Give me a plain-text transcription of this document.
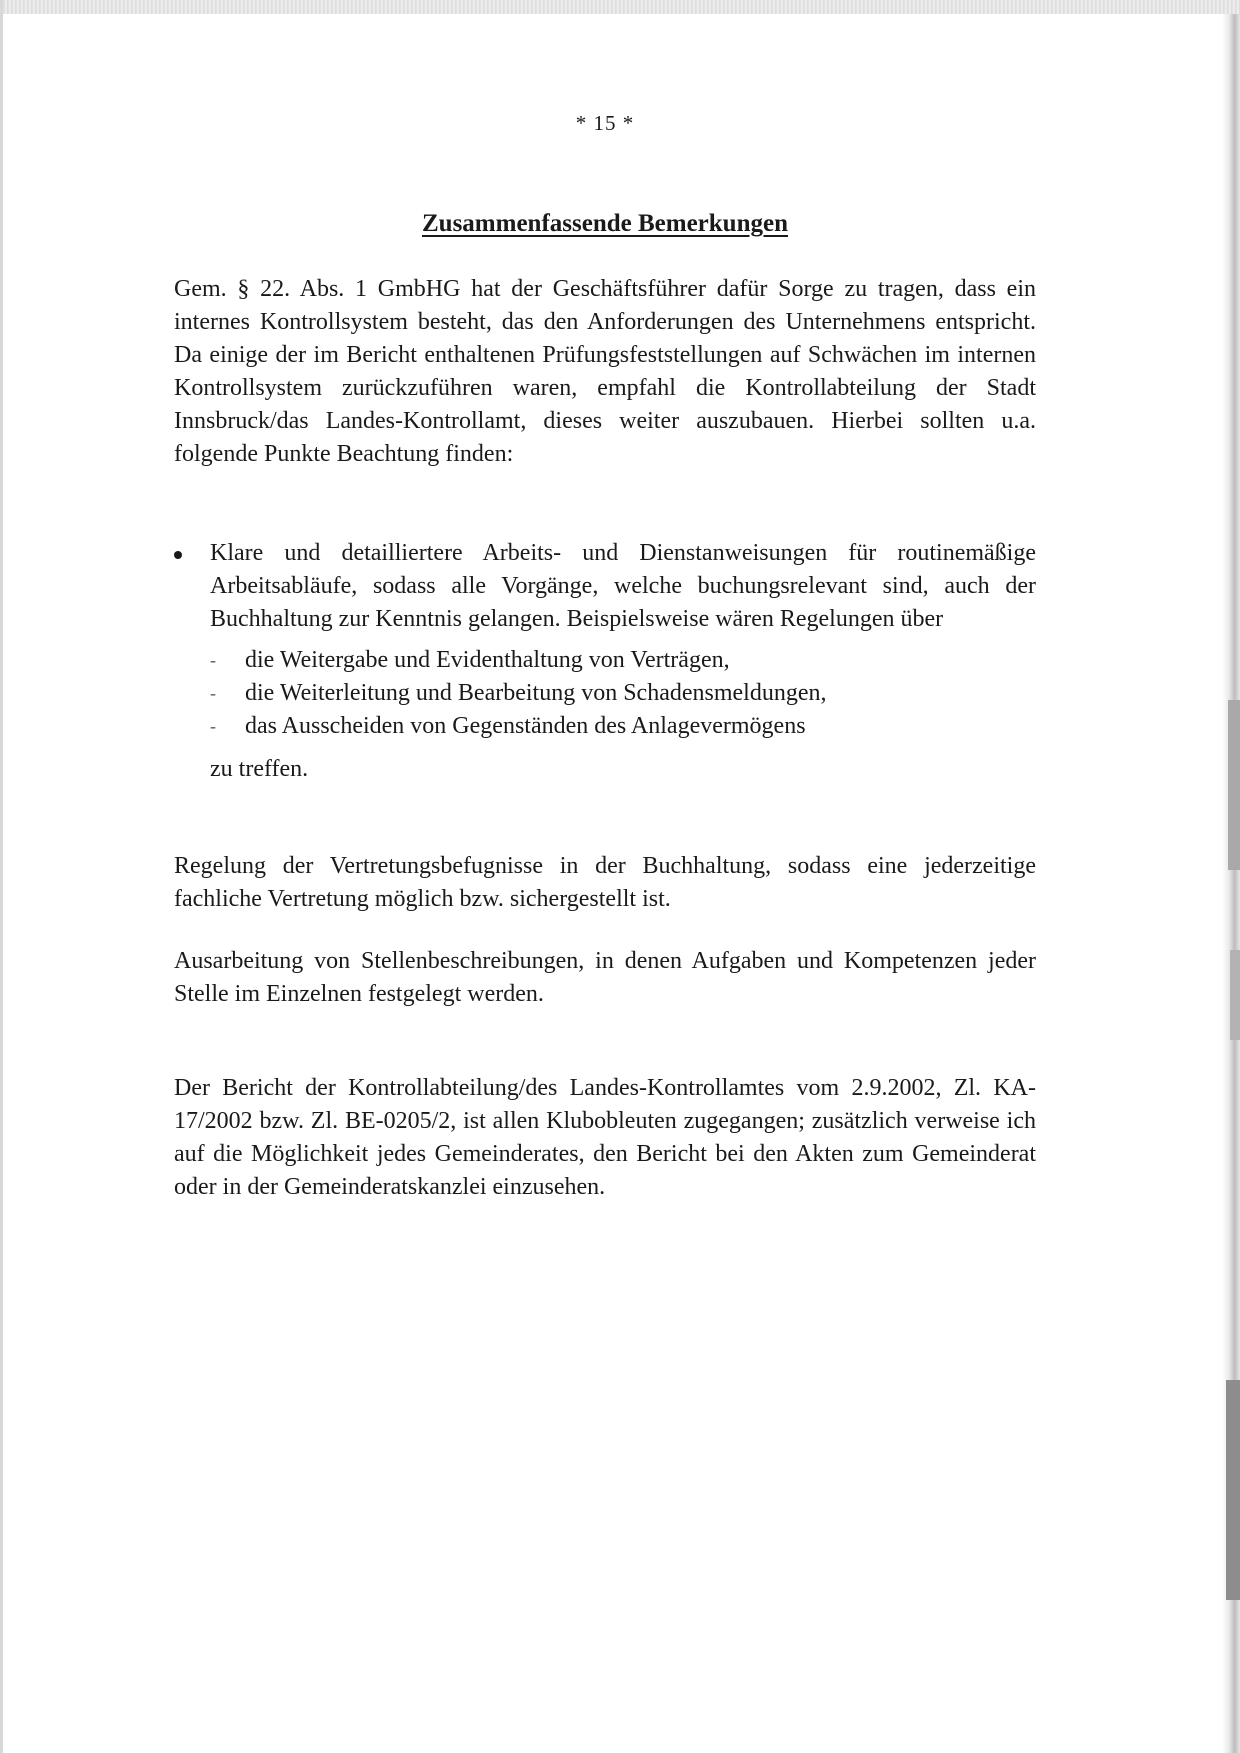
* 15 *
Zusammenfassende Bemerkungen

Gem. § 22. Abs. 1 GmbHG hat der Geschäftsführer dafür Sorge zu tragen, dass ein internes Kontrollsystem besteht, das den Anforderungen des Unternehmens entspricht. Da einige der im Bericht enthaltenen Prüfungsfeststellungen auf Schwächen im internen Kontrollsystem zurückzuführen waren, empfahl die Kontrollabteilung der Stadt Innsbruck/das Landes-Kontrollamt, dieses weiter auszubauen. Hierbei sollten u.a. folgende Punkte Beachtung finden:

Klare und detailliertere Arbeits- und Dienstanweisungen für routinemäßige Arbeitsabläufe, sodass alle Vorgänge, welche buchungsrelevant sind, auch der Buchhaltung zur Kenntnis gelangen. Beispielsweise wären Regelungen über
- die Weitergabe und Evidenthaltung von Verträgen,
- die Weiterleitung und Bearbeitung von Schadensmeldungen,
- das Ausscheiden von Gegenständen des Anlagevermögens
zu treffen.

Regelung der Vertretungsbefugnisse in der Buchhaltung, sodass eine jederzeitige fachliche Vertretung möglich bzw. sichergestellt ist.

Ausarbeitung von Stellenbeschreibungen, in denen Aufgaben und Kompetenzen jeder Stelle im Einzelnen festgelegt werden.

Der Bericht der Kontrollabteilung/des Landes-Kontrollamtes vom 2.9.2002, Zl. KA-17/2002 bzw. Zl. BE-0205/2, ist allen Klubobleuten zugegangen; zusätzlich verweise ich auf die Möglichkeit jedes Gemeinderates, den Bericht bei den Akten zum Gemeinderat oder in der Gemeinderatskanzlei einzusehen.
